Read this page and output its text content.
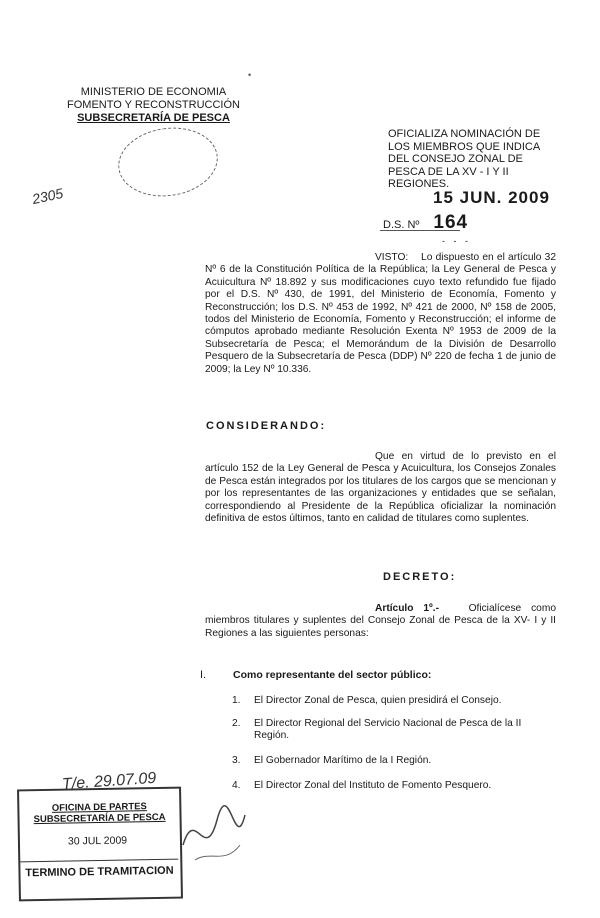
MINISTERIO DE ECONOMIA
FOMENTO Y RECONSTRUCCIÓN
SUBSECRETARÍA DE PESCA
•
2305
OFICIALIZA NOMINACIÓN DE
LOS MIEMBROS QUE INDICA
DEL CONSEJO ZONAL DE
PESCA DE LA XV - I Y II
REGIONES.
15 JUN. 2009
D.S. Nº 164
- - -
VISTO: Lo dispuesto en el artículo 32 Nº 6 de la Constitución Política de la República; la Ley General de Pesca y Acuicultura Nº 18.892 y sus modificaciones cuyo texto refundido fue fijado por el D.S. Nº 430, de 1991, del Ministerio de Economía, Fomento y Reconstrucción; los D.S. Nº 453 de 1992, Nº 421 de 2000, Nº 158 de 2005, todos del Ministerio de Economía, Fomento y Reconstrucción; el informe de cómputos aprobado mediante Resolución Exenta Nº 1953 de 2009 de la Subsecretaría de Pesca; el Memorándum de la División de Desarrollo Pesquero de la Subsecretaría de Pesca (DDP) Nº 220 de fecha 1 de junio de 2009; la Ley Nº 10.336.
CONSIDERANDO:
Que en virtud de lo previsto en el artículo 152 de la Ley General de Pesca y Acuicultura, los Consejos Zonales de Pesca están integrados por los titulares de los cargos que se mencionan y por los representantes de las organizaciones y entidades que se señalan, correspondiendo al Presidente de la República oficializar la nominación definitiva de estos últimos, tanto en calidad de titulares como suplentes.
DECRETO:
Artículo 1º.-	Oficialícese como miembros titulares y suplentes del Consejo Zonal de Pesca de la XV- I y II Regiones a las siguientes personas:
I.	Como representante del sector público:
1. El Director Zonal de Pesca, quien presidirá el Consejo.
2. El Director Regional del Servicio Nacional de Pesca de la II Región.
3. El Gobernador Marítimo de la I Región.
4. El Director Zonal del Instituto de Fomento Pesquero.
T/e. 29.07.09
OFICINA DE PARTES
SUBSECRETARÍA DE PESCA
30 JUL 2009
TERMINO DE TRAMITACION
